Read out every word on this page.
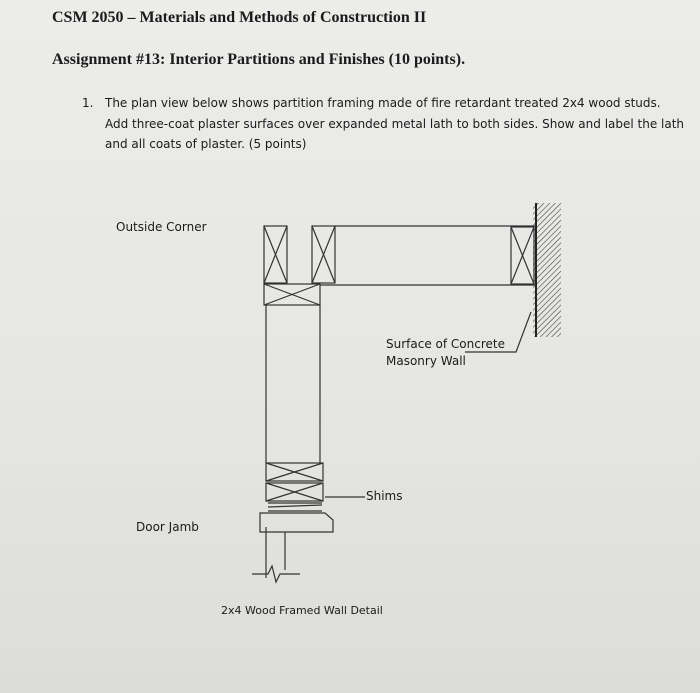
CSM 2050 – Materials and Methods of Construction II
Assignment #13: Interior Partitions and Finishes (10 points).
1. The plan view below shows partition framing made of fire retardant treated 2x4 wood studs.
Add three-coat plaster surfaces over expanded metal lath to both sides. Show and label the lath
and all coats of plaster. (5 points)
Outside Corner
Surface of Concrete
Masonry Wall
Shims
Door Jamb
2x4 Wood Framed Wall Detail
